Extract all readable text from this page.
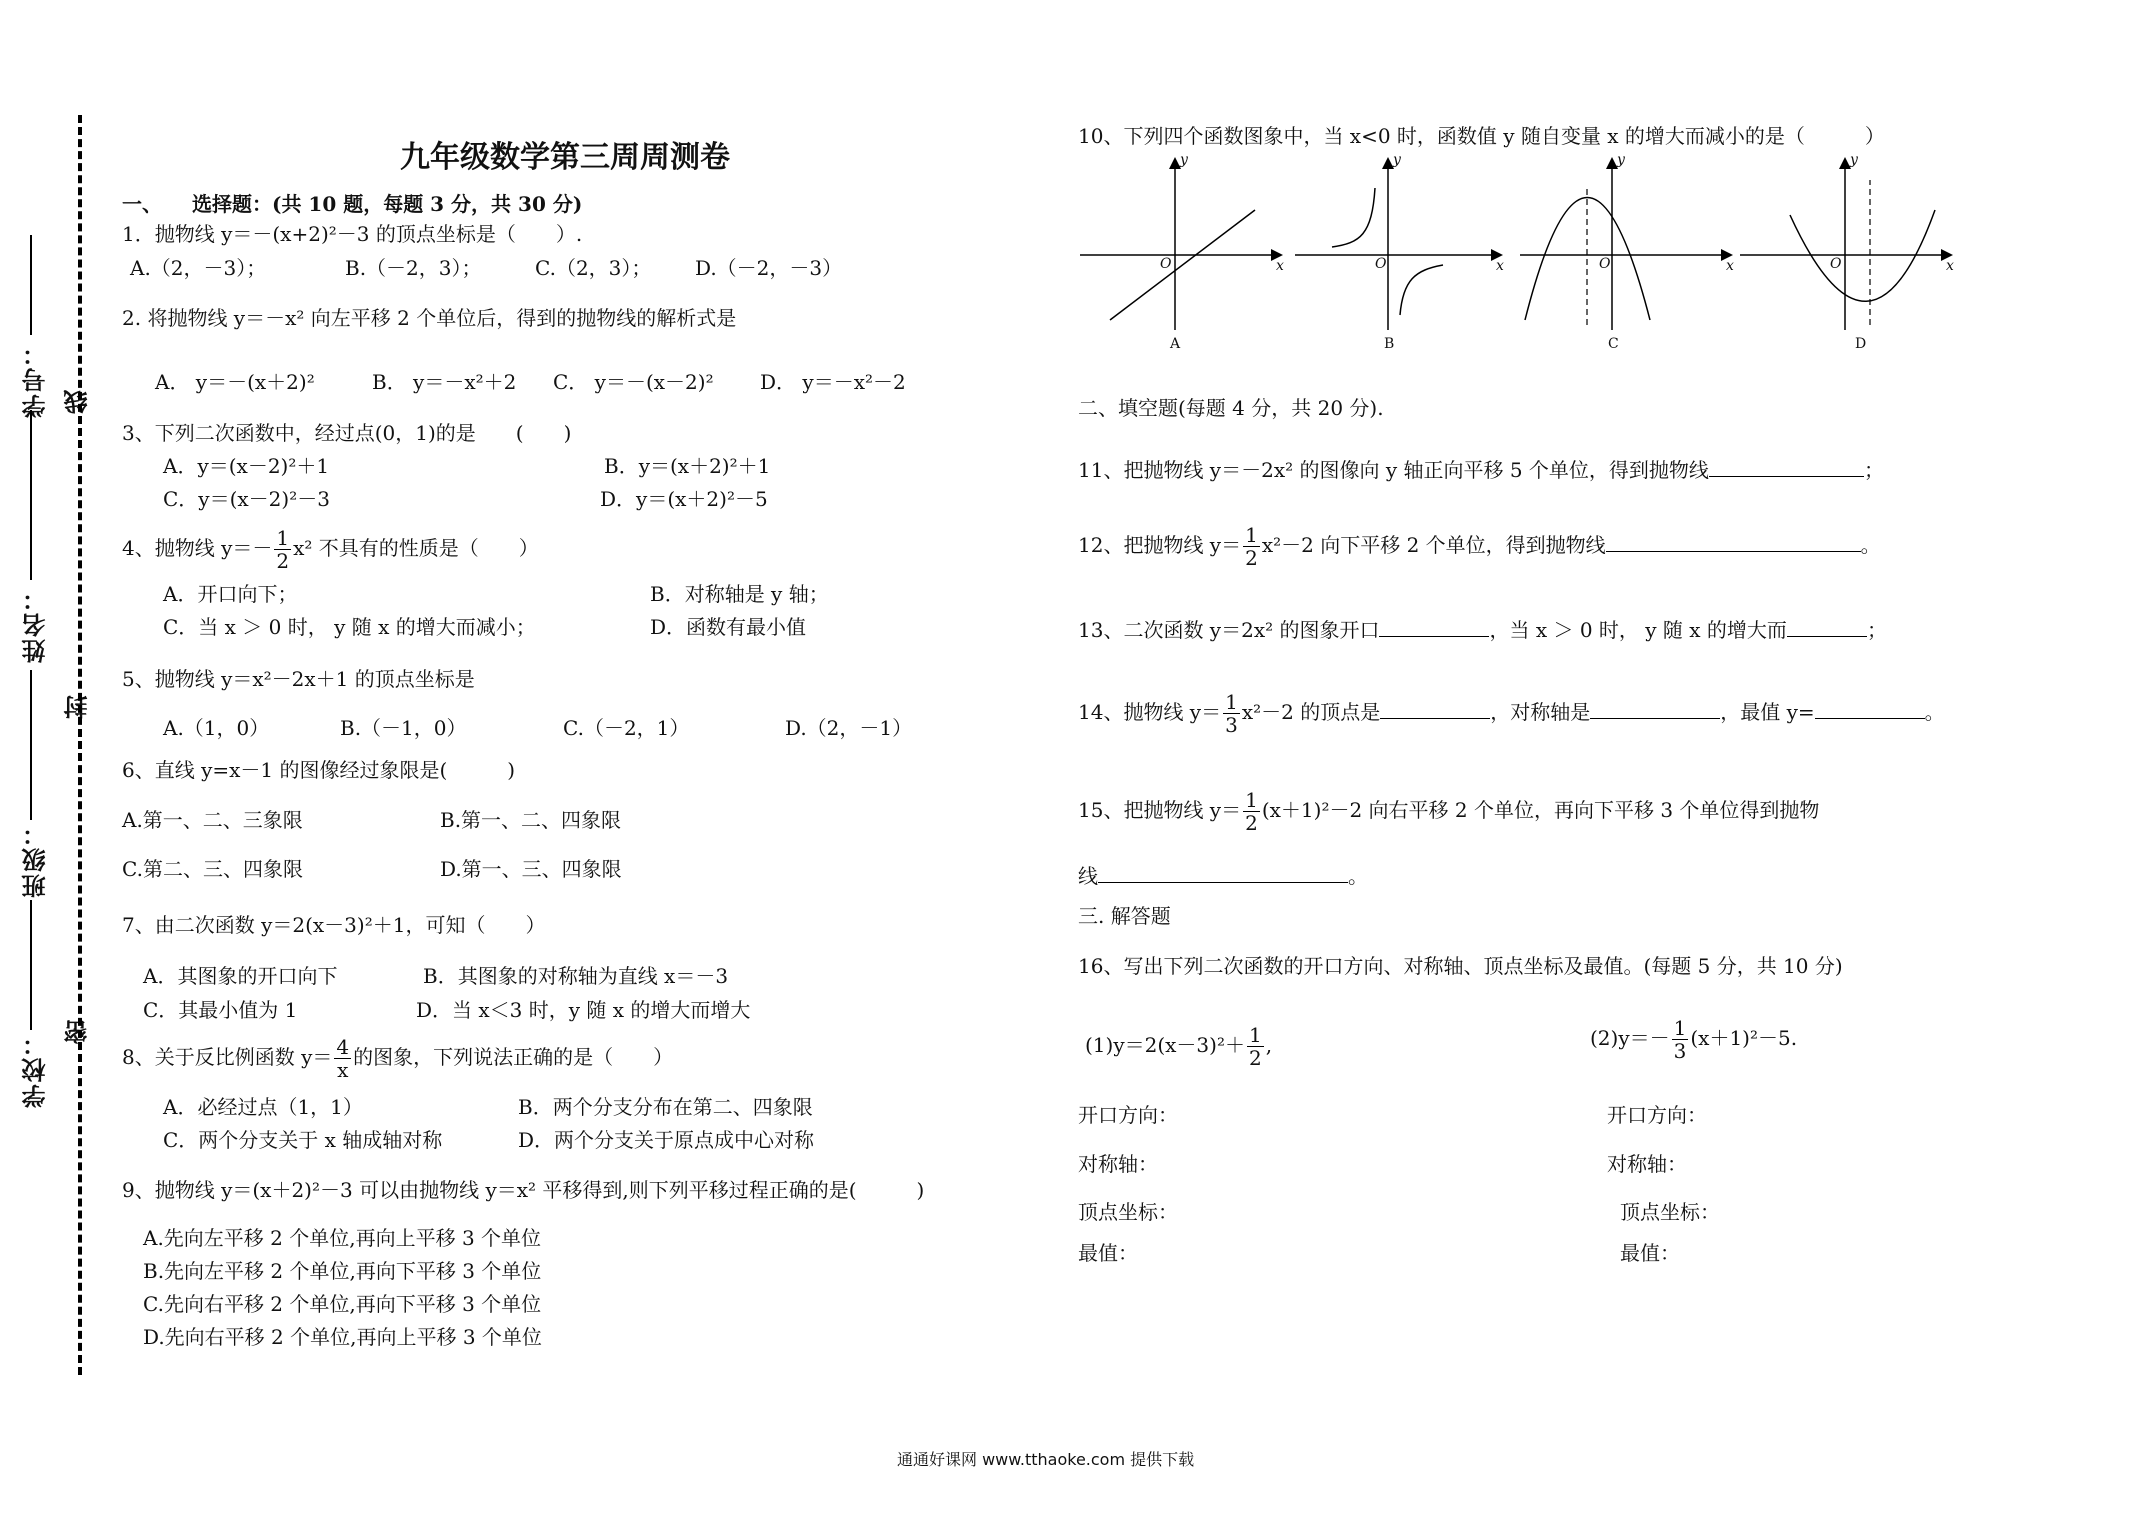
学号：
姓名：
班级：
学校：
线
封
密
九年级数学第三周周测卷
一、　　选择题：(共 10 题，每题 3 分，共 30 分)
1．抛物线 y＝－(x+2)²－3 的顶点坐标是（　　）.
A.（2，－3）；	B.（－2，3）；	C.（2，3）； D.（－2，－3）
2. 将抛物线 y＝－x² 向左平移 2 个单位后，得到的抛物线的解析式是
A． y＝－(x＋2)²	B． y＝－x²＋2 C． y＝－(x－2)² D． y＝－x²－2
3、下列二次函数中，经过点(0，1)的是　　(　　)
A．y＝(x－2)²＋1	B．y＝(x＋2)²＋1
C．y＝(x－2)²－3	D．y＝(x＋2)²－5
4、抛物线 $y=- \frac{1}{2} x^2$ 不具有的性质是（　　）
A．开口向下；	B．对称轴是 y 轴；
C．当 x ＞ 0 时， y 随 x 的增大而减小；	D．函数有最小值
5、抛物线 y＝x²－2x＋1 的顶点坐标是
A.（1，0）	B.（－1，0）	C.（－2，1）	D.（2，－1）
6、直线 y=x－1 的图像经过象限是(　　　)
A.第一、二、三象限	B.第一、二、四象限
C.第二、三、四象限	D.第一、三、四象限
7、由二次函数 y＝2(x－3)²＋1，可知（　　）
A．其图象的开口向下	B．其图象的对称轴为直线 x＝－3
C．其最小值为 1	D．当 x＜3 时，y 随 x 的增大而增大
8、关于反比例函数 $y= \frac{4}{x}$ 的图象，下列说法正确的是（　　）
A．必经过点（1，1）	B．两个分支分布在第二、四象限
C．两个分支关于 x 轴成轴对称	D．两个分支关于原点成中心对称
9、抛物线 y＝(x＋2)²－3 可以由抛物线 y＝x² 平移得到,则下列平移过程正确的是(　　　)
A.先向左平移 2 个单位,再向上平移 3 个单位
B.先向左平移 2 个单位,再向下平移 3 个单位
C.先向右平移 2 个单位,再向下平移 3 个单位
D.先向右平移 2 个单位,再向上平移 3 个单位
10、下列四个函数图象中，当 x<0 时，函数值 y 随自变量 x 的增大而减小的是（　　　）
A	B	C	D
y	y	y	y
x	x	x	x
O	O	O	O
二、填空题(每题 4 分，共 20 分).
11、把抛物线 y＝－2x² 的图像向 y 轴正向平移 5 个单位，得到抛物线	；
12、把抛物线 $y= \frac{1}{2} x^2-2$ 向下平移 2 个单位，得到抛物线	。
13、二次函数 y＝2x² 的图象开口	，当 x ＞ 0 时， y 随 x 的增大而	；
14、抛物线 $y= \frac{1}{3} x^2-2$ 的顶点是	，对称轴是	，最值 y=	。
15、把抛物线 $y= \frac{1}{2} (x+1)^2-2$ 向右平移 2 个单位，再向下平移 3 个单位得到抛物
线	。
三. 解答题
16、写出下列二次函数的开口方向、对称轴、顶点坐标及最值。(每题 5 分，共 10 分)
$(1)y=2(x-3)^2+ \frac{1}{2}$ ,	$(2)y=- \frac{1}{3} (x+1)^2-5$.
开口方向：
对称轴：
顶点坐标：
最值：
开口方向：
对称轴：
顶点坐标：
最值：
通通好课网 www.tthaoke.com 提供下载
